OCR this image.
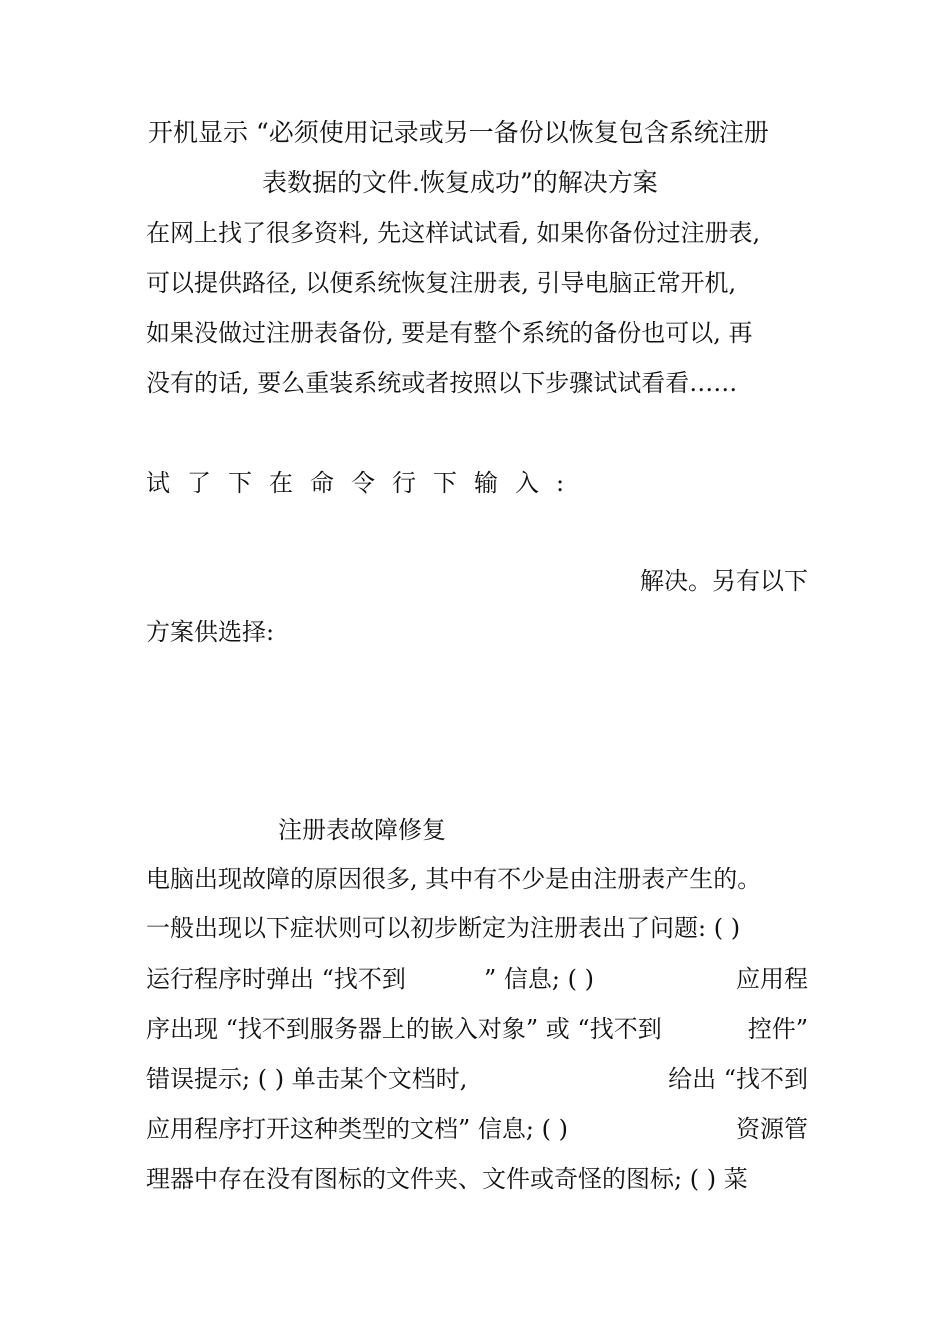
开机显示 “必须使用记录或另一备份以恢复包含系统注册
表数据的文件.恢复成功”的解决方案
在网上找了很多资料, 先这样试试看, 如果你备份过注册表,
可以提供路径, 以便系统恢复注册表, 引导电脑正常开机,
如果没做过注册表备份, 要是有整个系统的备份也可以, 再
没有的话, 要么重装系统或者按照以下步骤试试看看……
试了下在命令行下输入:
解决。另有以下
方案供选择:
注册表故障修复
电脑出现故障的原因很多, 其中有不少是由注册表产生的。
一般出现以下症状则可以初步断定为注册表出了问题: ( )
运行程序时弹出 “找不到	” 信息; ( )	应用程
序出现 “找不到服务器上的嵌入对象” 或 “找不到	控件”
错误提示; ( ) 单击某个文档时,	给出 “找不到
应用程序打开这种类型的文档” 信息; ( )	资源管
理器中存在没有图标的文件夹、文件或奇怪的图标; ( ) 菜
